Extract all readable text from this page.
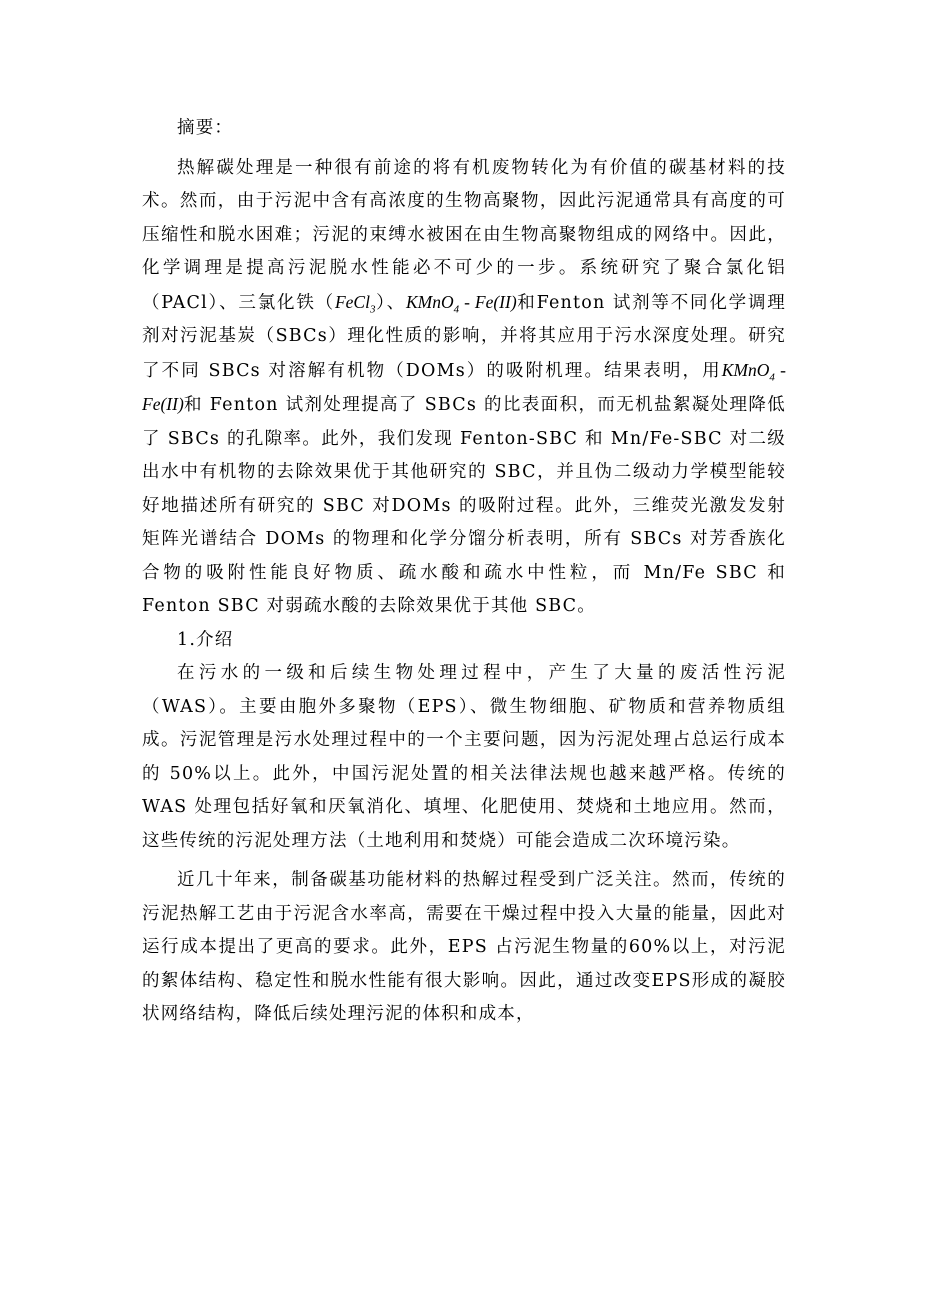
摘要：

热解碳处理是一种很有前途的将有机废物转化为有价值的碳基材料的技术。然而，由于污泥中含有高浓度的生物高聚物，因此污泥通常具有高度的可压缩性和脱水困难；污泥的束缚水被困在由生物高聚物组成的网络中。因此，化学调理是提高污泥脱水性能必不可少的一步。系统研究了聚合氯化铝（PACl）、三氯化铁（FeCl$_3$）、KMnO$_4$ - Fe(II)和Fenton 试剂等不同化学调理剂对污泥基炭（SBCs）理化性质的影响，并将其应用于污水深度处理。研究了不同 SBCs 对溶解有机物（DOMs）的吸附机理。结果表明，用KMnO$_4$ - Fe(II)和 Fenton 试剂处理提高了 SBCs 的比表面积，而无机盐絮凝处理降低了 SBCs 的孔隙率。此外，我们发现 Fenton-SBC 和 Mn/Fe-SBC 对二级出水中有机物的去除效果优于其他研究的 SBC，并且伪二级动力学模型能较好地描述所有研究的 SBC 对DOMs 的吸附过程。此外，三维荧光激发发射矩阵光谱结合 DOMs 的物理和化学分馏分析表明，所有 SBCs 对芳香族化合物的吸附性能良好物质、疏水酸和疏水中性粒，而 Mn/Fe SBC 和 Fenton SBC 对弱疏水酸的去除效果优于其他 SBC。

1.介绍

在污水的一级和后续生物处理过程中，产生了大量的废活性污泥（WAS）。主要由胞外多聚物（EPS）、微生物细胞、矿物质和营养物质组成。污泥管理是污水处理过程中的一个主要问题，因为污泥处理占总运行成本的 50%以上。此外，中国污泥处置的相关法律法规也越来越严格。传统的 WAS 处理包括好氧和厌氧消化、填埋、化肥使用、焚烧和土地应用。然而，这些传统的污泥处理方法（土地利用和焚烧）可能会造成二次环境污染。

近几十年来，制备碳基功能材料的热解过程受到广泛关注。然而，传统的污泥热解工艺由于污泥含水率高，需要在干燥过程中投入大量的能量，因此对运行成本提出了更高的要求。此外，EPS 占污泥生物量的60%以上，对污泥的絮体结构、稳定性和脱水性能有很大影响。因此，通过改变EPS形成的凝胶状网络结构，降低后续处理污泥的体积和成本，
